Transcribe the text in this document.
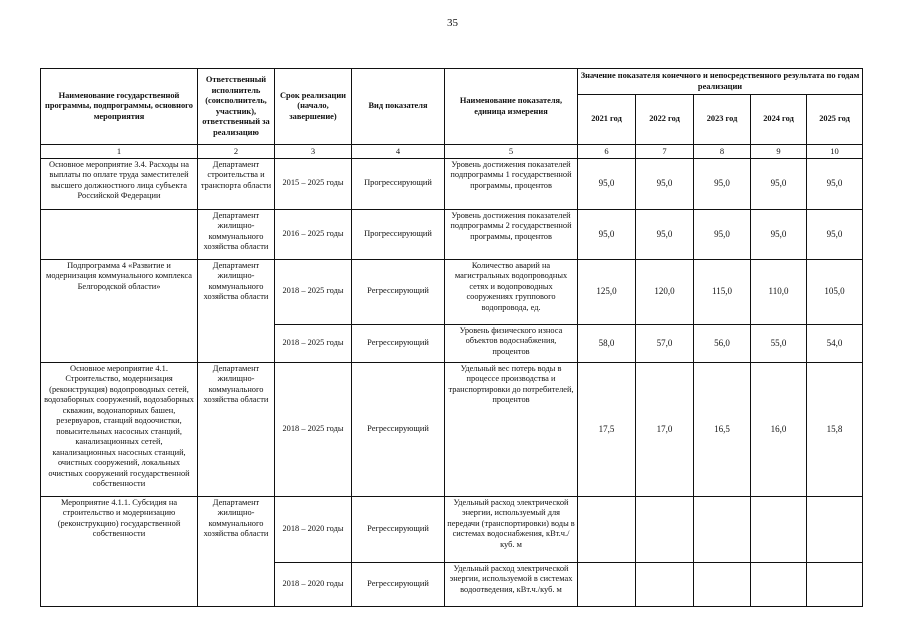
35
Наименование государственной программы, подпрограммы, основного мероприятия	Ответственный исполнитель (соисполнитель, участник), ответственный за реализацию	Срок реализации (начало, завершение)	Вид показателя	Наименование показателя, единица измерения	Значение показателя конечного и непосредственного результата по годам реализации				
					2021 год	2022 год	2023 год	2024 год	2025 год
1	2	3	4	5	6	7	8	9	10
Основное мероприятие 3.4. Расходы на выплаты по оплате труда заместителей высшего должностного лица субъекта Российской Федерации	Департамент строительства и транспорта области	2015 – 2025 годы	Прогрессирующий	Уровень достижения показателей подпрограммы 1 государственной программы, процентов	95,0	95,0	95,0	95,0	95,0
	Департамент жилищно-коммунального хозяйства области	2016 – 2025 годы	Прогрессирующий	Уровень достижения показателей подпрограммы 2 государственной программы, процентов	95,0	95,0	95,0	95,0	95,0
Подпрограмма 4 «Развитие и модернизация коммунального комплекса Белгородской области»	Департамент жилищно-коммунального хозяйства области	2018 – 2025 годы	Регрессирующий	Количество аварий на магистральных водопроводных сетях и водопроводных сооружениях группового водопровода, ед.	125,0	120,0	115,0	110,0	105,0
		2018 – 2025 годы	Регрессирующий	Уровень физического износа объектов водоснабжения, процентов	58,0	57,0	56,0	55,0	54,0
Основное мероприятие 4.1. Строительство, модернизация (реконструкция) водопроводных сетей, водозаборных сооружений, водозаборных скважин, водонапорных башен, резервуаров, станций водоочистки, повысительных насосных станций, канализационных сетей, канализационных насосных станций, очистных сооружений, локальных очистных сооружений государственной собственности	Департамент жилищно-коммунального хозяйства области	2018 – 2025 годы	Регрессирующий	Удельный вес потерь воды в процессе производства и транспортировки до потребителей, процентов	17,5	17,0	16,5	16,0	15,8
Мероприятие 4.1.1. Субсидия на строительство и модернизацию (реконструкцию) государственной собственности	Департамент жилищно-коммунального хозяйства области	2018 – 2020 годы	Регрессирующий	Удельный расход электрической энергии, используемый для передачи (транспортировки) воды в системах водоснабжения, кВт.ч./куб. м					
		2018 – 2020 годы	Регрессирующий	Удельный расход электрической энергии, используемой в системах водоотведения, кВт.ч./куб. м					
